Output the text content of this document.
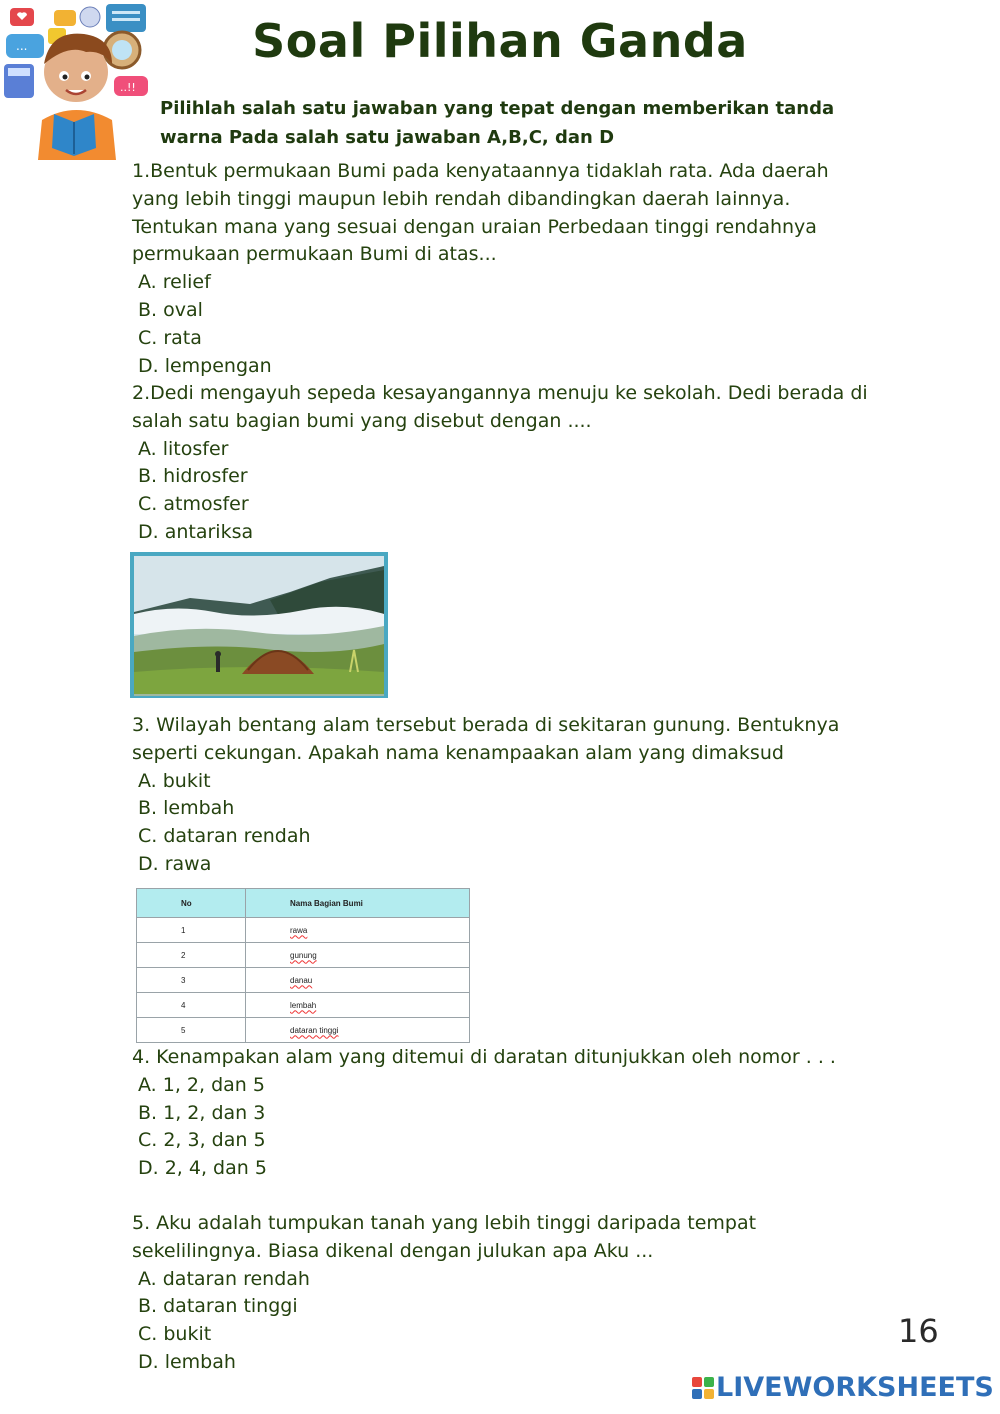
...
..!!
Soal Pilihan Ganda
Pilihlah salah satu jawaban yang tepat dengan memberikan tanda
warna Pada salah satu jawaban A,B,C, dan D

1.Bentuk permukaan Bumi pada kenyataannya tidaklah rata. Ada daerah yang lebih tinggi maupun lebih rendah dibandingkan daerah lainnya. Tentukan mana yang sesuai dengan uraian Perbedaan tinggi rendahnya permukaan permukaan Bumi di atas...

A. relief
B. oval
C. rata
D. lempengan

2.Dedi mengayuh sepeda kesayangannya menuju ke sekolah. Dedi berada di salah satu bagian bumi yang disebut dengan ....

A. litosfer
B. hidrosfer
C. atmosfer
D. antariksa

3. Wilayah bentang alam tersebut berada di sekitaran gunung. Bentuknya seperti cekungan. Apakah nama kenampaakan alam yang dimaksud

A. bukit
B. lembah
C. dataran rendah
D. rawa
No	Nama Bagian Bumi
1	rawa
2	gunung
3	danau
4	lembah
5	dataran tinggi

4. Kenampakan alam yang ditemui di daratan ditunjukkan oleh nomor . . .

A. 1, 2, dan 5
B. 1, 2, dan 3
C. 2, 3, dan 5
D. 2, 4, dan 5

5. Aku adalah tumpukan tanah yang lebih tinggi daripada tempat sekelilingnya. Biasa dikenal dengan julukan apa Aku ...

A. dataran rendah
B. dataran tinggi
C. bukit
D. lembah
16
LIVEWORKSHEETS
